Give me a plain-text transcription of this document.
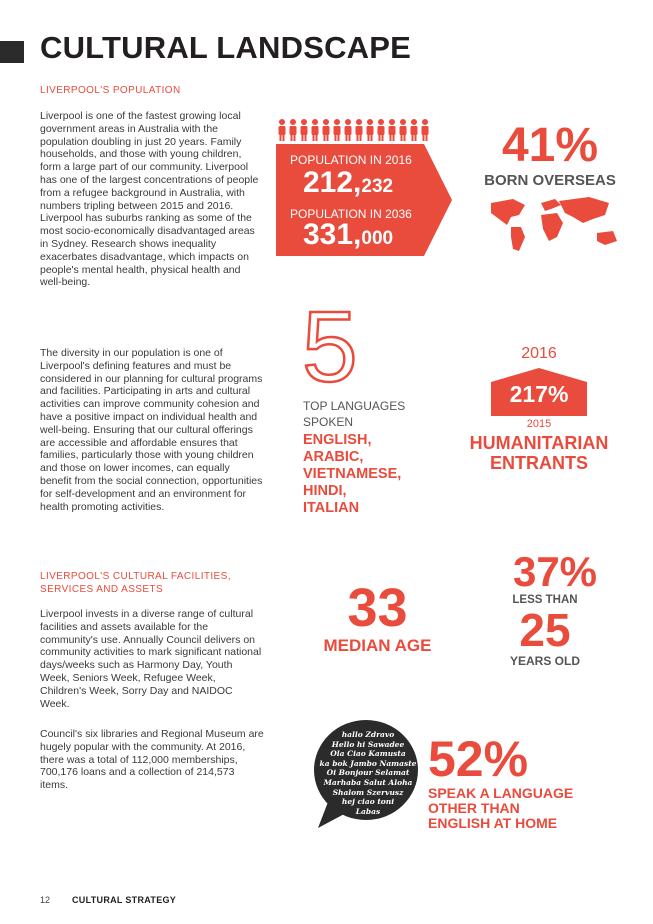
CULTURAL LANDSCAPE
LIVERPOOL'S POPULATION
Liverpool is one of the fastest growing local government areas in Australia with the population doubling in just 20 years. Family households, and those with young children, form a large part of our community. Liverpool has one of the largest concentrations of people from a refugee background in Australia, with numbers tripling between 2015 and 2016. Liverpool has suburbs ranking as some of the most socio-economically disadvantaged areas in Sydney. Research shows inequality exacerbates disadvantage, which impacts on people's mental health, physical health and well-being.
The diversity in our population is one of Liverpool's defining features and must be considered in our planning for cultural programs and facilities. Participating in arts and cultural activities can improve community cohesion and have a positive impact on individual health and well-being. Ensuring that our cultural offerings are accessible and affordable ensures that families, particularly those with young children and those on lower incomes, can equally benefit from the social connection, opportunities for self-development and an environment for health promoting activities.
LIVERPOOL'S CULTURAL FACILITIES, SERVICES AND ASSETS
Liverpool invests in a diverse range of cultural facilities and assets available for the community's use. Annually Council delivers on community activities to mark significant national days/weeks such as Harmony Day, Youth Week, Seniors Week, Refugee Week, Children's Week, Sorry Day and NAIDOC Week.
Council's six libraries and Regional Museum are hugely popular with the community. At 2016, there was a total of 112,000 memberships, 700,176 loans and a collection of 214,573 items.
POPULATION IN 2016
212,232
POPULATION IN 2036
331,000
41%
BORN OVERSEAS
5
TOP LANGUAGES SPOKEN
ENGLISH,
ARABIC,
VIETNAMESE,
HINDI,
ITALIAN
2016
217%
2015
HUMANITARIAN
ENTRANTS
37%
LESS THAN
25
YEARS OLD
33
MEDIAN AGE
hallo Zdravo
Hello hi Sawadee
Ola Ciao Kamusta
ka bok Jambo Namaste
Oi Bonjour Selamat
Marhaba Salut Aloha
Shalom Szervusz
hej ciao toni
Labas
52%
SPEAK A LANGUAGE
OTHER THAN
ENGLISH AT HOME
12 CULTURAL STRATEGY
